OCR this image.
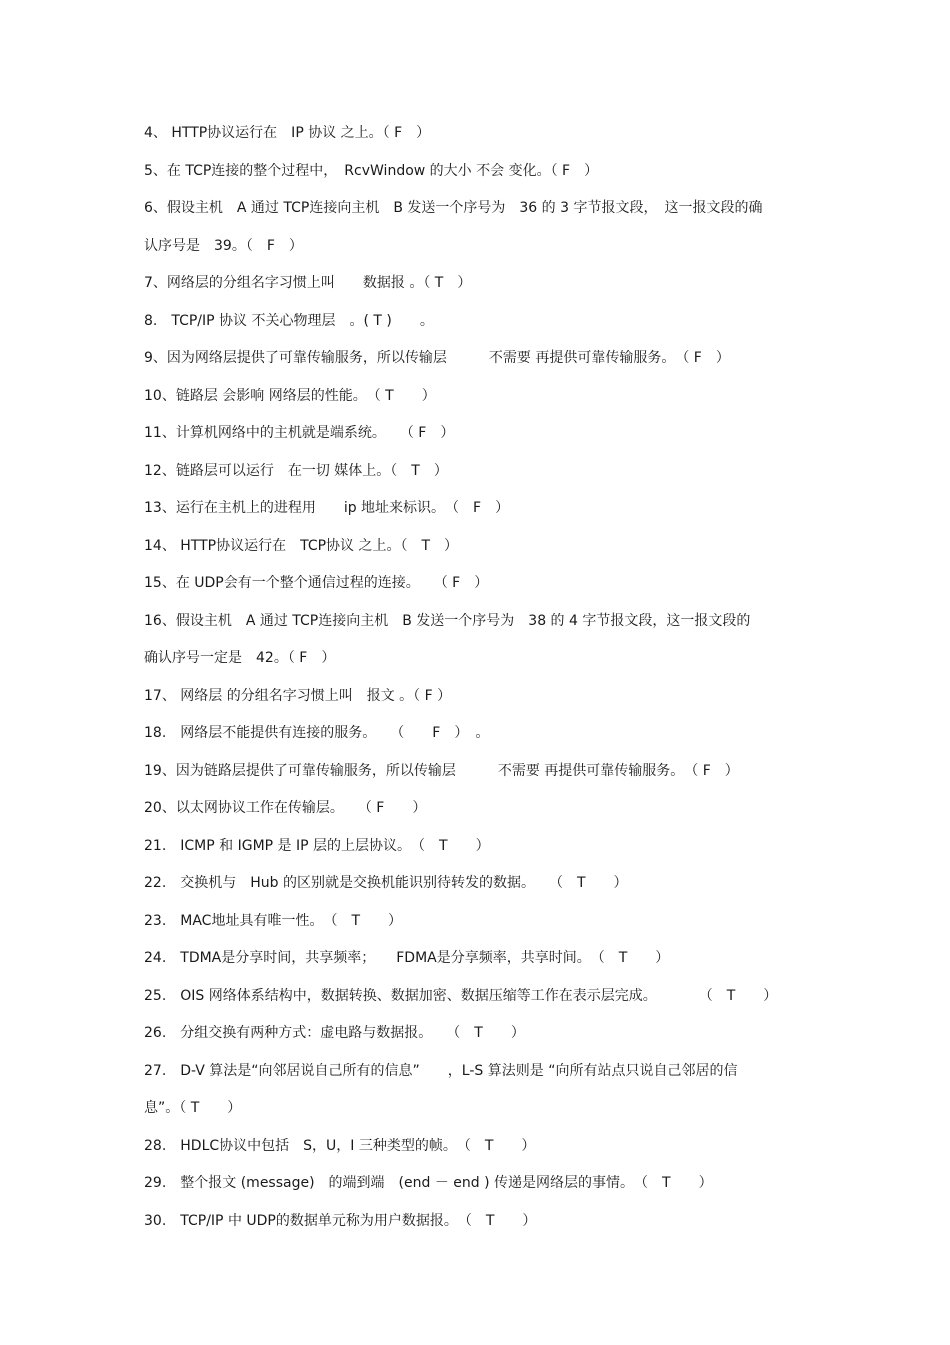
4、 HTTP协议运行在　IP 协议 之上。（ F　）
5、在 TCP连接的整个过程中，　RcvWindow 的大小 不会 变化。（ F　）
6、假设主机　A 通过 TCP连接向主机　B 发送一个序号为　36 的 3 字节报文段，　这一报文段的确
认序号是　39。（　F　）
7、网络层的分组名字习惯上叫　　数据报 。（ T　）
8.　TCP/IP 协议 不关心物理层　。( T )　　。
9、因为网络层提供了可靠传输服务，所以传输层　　　不需要 再提供可靠传输服务。　（ F　）
10、链路层 会影响 网络层的性能。　（ T　　）
11、计算机网络中的主机就是端系统。　　（ F　）
12、链路层可以运行　在一切 媒体上。（　T　）
13、运行在主机上的进程用　　ip 地址来标识。　（　F　）
14、 HTTP协议运行在　TCP协议 之上。（　T　）
15、在 UDP会有一个整个通信过程的连接。　　（ F　）
16、假设主机　A 通过 TCP连接向主机　B 发送一个序号为　38 的 4 字节报文段，这一报文段的
确认序号一定是　42。（ F　）
17、 网络层 的分组名字习惯上叫　报文 。（ F ）
18.　网络层不能提供有连接的服务。　　（　　F　）　。
19、因为链路层提供了可靠传输服务，所以传输层　　　不需要 再提供可靠传输服务。　（ F　）
20、以太网协议工作在传输层。　　（ F　　）
21.　ICMP 和 IGMP 是 IP 层的上层协议。　（　T　　）
22.　交换机与　Hub 的区别就是交换机能识别待转发的数据。　　（　T　　）
23.　MAC地址具有唯一性。　（　T　　）
24.　TDMA是分享时间，共享频率；　　FDMA是分享频率，共享时间。　（　T　　）
25.　OIS 网络体系结构中，数据转换、数据加密、数据压缩等工作在表示层完成。　　　　（　T　　）
26.　分组交换有两种方式：虚电路与数据报。　　（　T　　）
27.　D-V 算法是“向邻居说自己所有的信息”　　，L-S 算法则是 “向所有站点只说自己邻居的信
息”。（ T　　）
28.　HDLC协议中包括　S，U，I 三种类型的帧。　（　T　　）
29.　整个报文 (message)　的端到端　(end － end ) 传递是网络层的事情。　（　T　　）
30.　TCP/IP 中 UDP的数据单元称为用户数据报。　（　T　　）
